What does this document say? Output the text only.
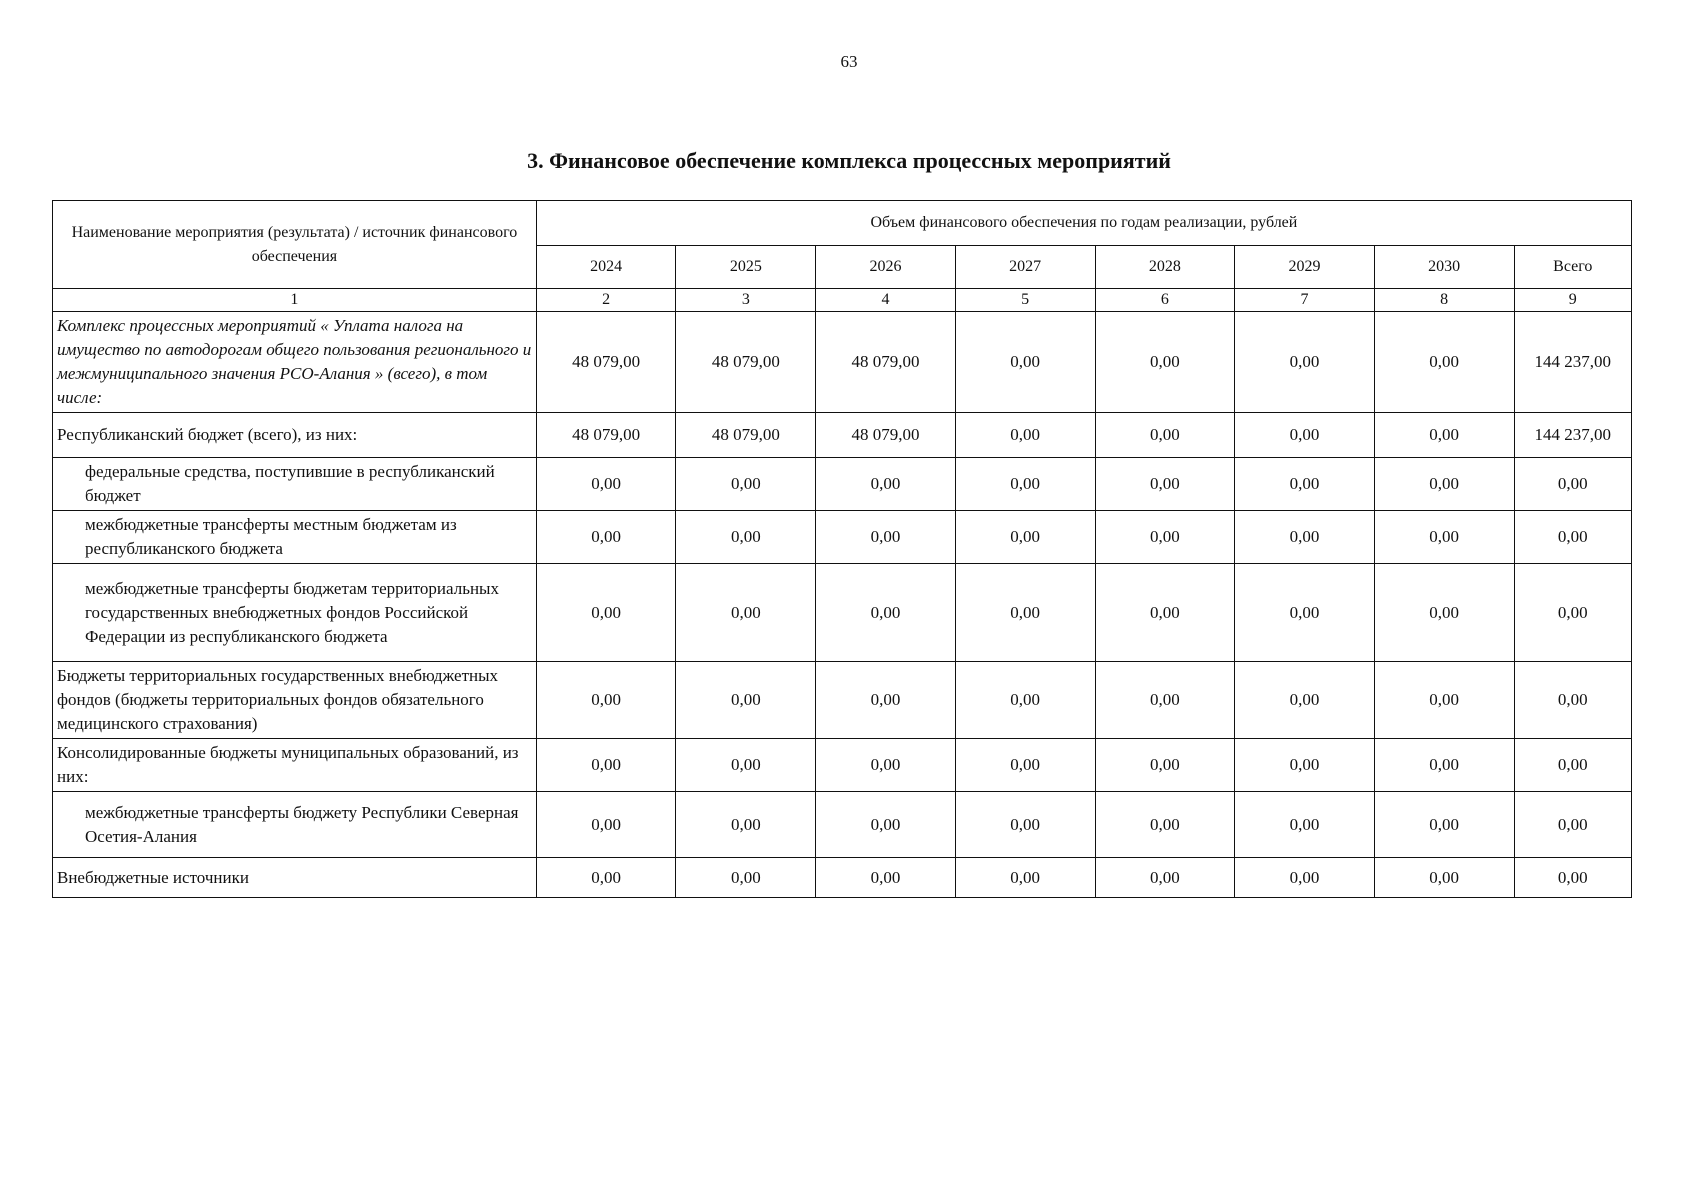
63
3. Финансовое обеспечение комплекса процессных мероприятий
Наименование мероприятия (результата) / источник финансового обеспечения	Объем финансового обеспечения по годам реализации, рублей							
	2024	2025	2026	2027	2028	2029	2030	Всего
1	2	3	4	5	6	7	8	9
Комплекс процессных мероприятий « Уплата налога на имущество по автодорогам общего пользования регионального и межмуниципального значения РСО-Алания » (всего), в том числе:	48 079,00	48 079,00	48 079,00	0,00	0,00	0,00	0,00	144 237,00
Республиканский бюджет (всего), из них:	48 079,00	48 079,00	48 079,00	0,00	0,00	0,00	0,00	144 237,00
федеральные средства, поступившие в республиканский бюджет	0,00	0,00	0,00	0,00	0,00	0,00	0,00	0,00
межбюджетные трансферты местным бюджетам из республиканского бюджета	0,00	0,00	0,00	0,00	0,00	0,00	0,00	0,00
межбюджетные трансферты бюджетам территориальных государственных внебюджетных фондов Российской Федерации из республиканского бюджета	0,00	0,00	0,00	0,00	0,00	0,00	0,00	0,00
Бюджеты территориальных государственных внебюджетных фондов (бюджеты территориальных фондов обязательного медицинского страхования)	0,00	0,00	0,00	0,00	0,00	0,00	0,00	0,00
Консолидированные бюджеты муниципальных образований, из них:	0,00	0,00	0,00	0,00	0,00	0,00	0,00	0,00
межбюджетные трансферты бюджету Республики Северная Осетия-Алания	0,00	0,00	0,00	0,00	0,00	0,00	0,00	0,00
Внебюджетные источники	0,00	0,00	0,00	0,00	0,00	0,00	0,00	0,00
